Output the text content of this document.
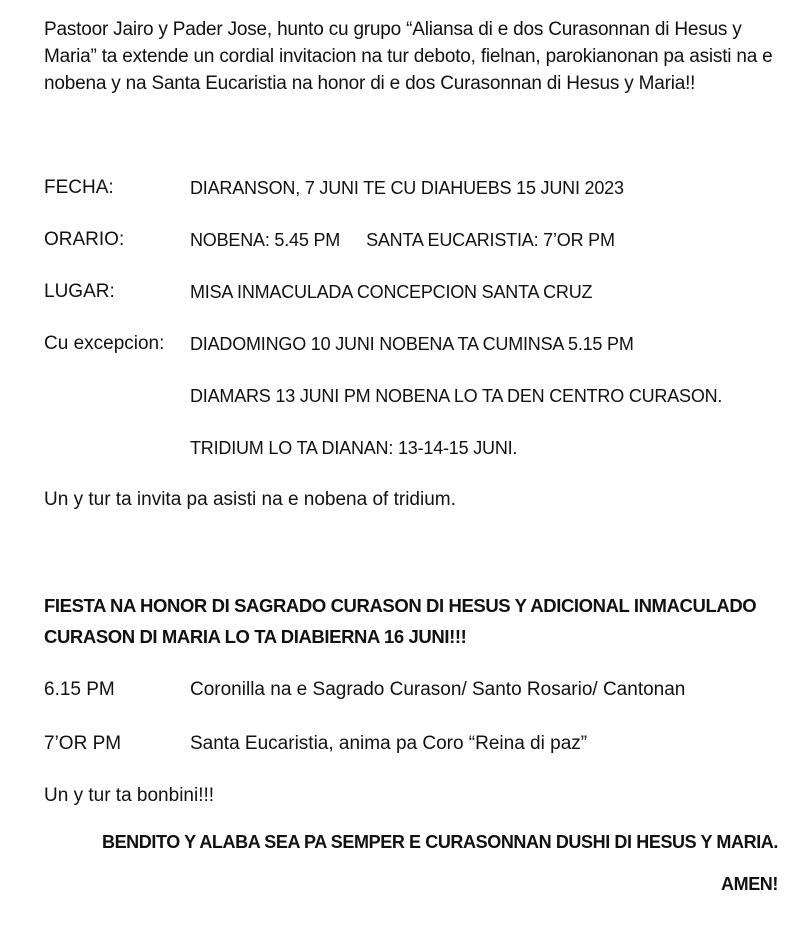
Pastoor Jairo y Pader Jose, hunto cu grupo “Aliansa di e dos Curasonnan di Hesus y Maria” ta extende un cordial invitacion na tur deboto, fielnan, parokianonan pa asisti na e nobena y na Santa Eucaristia na honor di e dos Curasonnan di Hesus y Maria!!

FECHA:	DIARANSON, 7 JUNI TE CU DIAHUEBS 15 JUNI 2023
ORARIO:	NOBENA: 5.45 PM SANTA EUCARISTIA: 7’OR PM
LUGAR:	MISA INMACULADA CONCEPCION SANTA CRUZ
Cu excepcion: DIADOMINGO 10 JUNI NOBENA TA CUMINSA 5.15 PM
DIAMARS 13 JUNI PM NOBENA LO TA DEN CENTRO CURASON.
TRIDIUM LO TA DIANAN: 13-14-15 JUNI.
Un y tur ta invita pa asisti na e nobena of tridium.
FIESTA NA HONOR DI SAGRADO CURASON DI HESUS Y ADICIONAL INMACULADO CURASON DI MARIA LO TA DIABIERNA 16 JUNI!!!
6.15 PM	Coronilla na e Sagrado Curason/ Santo Rosario/ Cantonan
7’OR PM	Santa Eucaristia, anima pa Coro “Reina di paz”
Un y tur ta bonbini!!!
BENDITO Y ALABA SEA PA SEMPER E CURASONNAN DUSHI DI HESUS Y MARIA.
AMEN!
